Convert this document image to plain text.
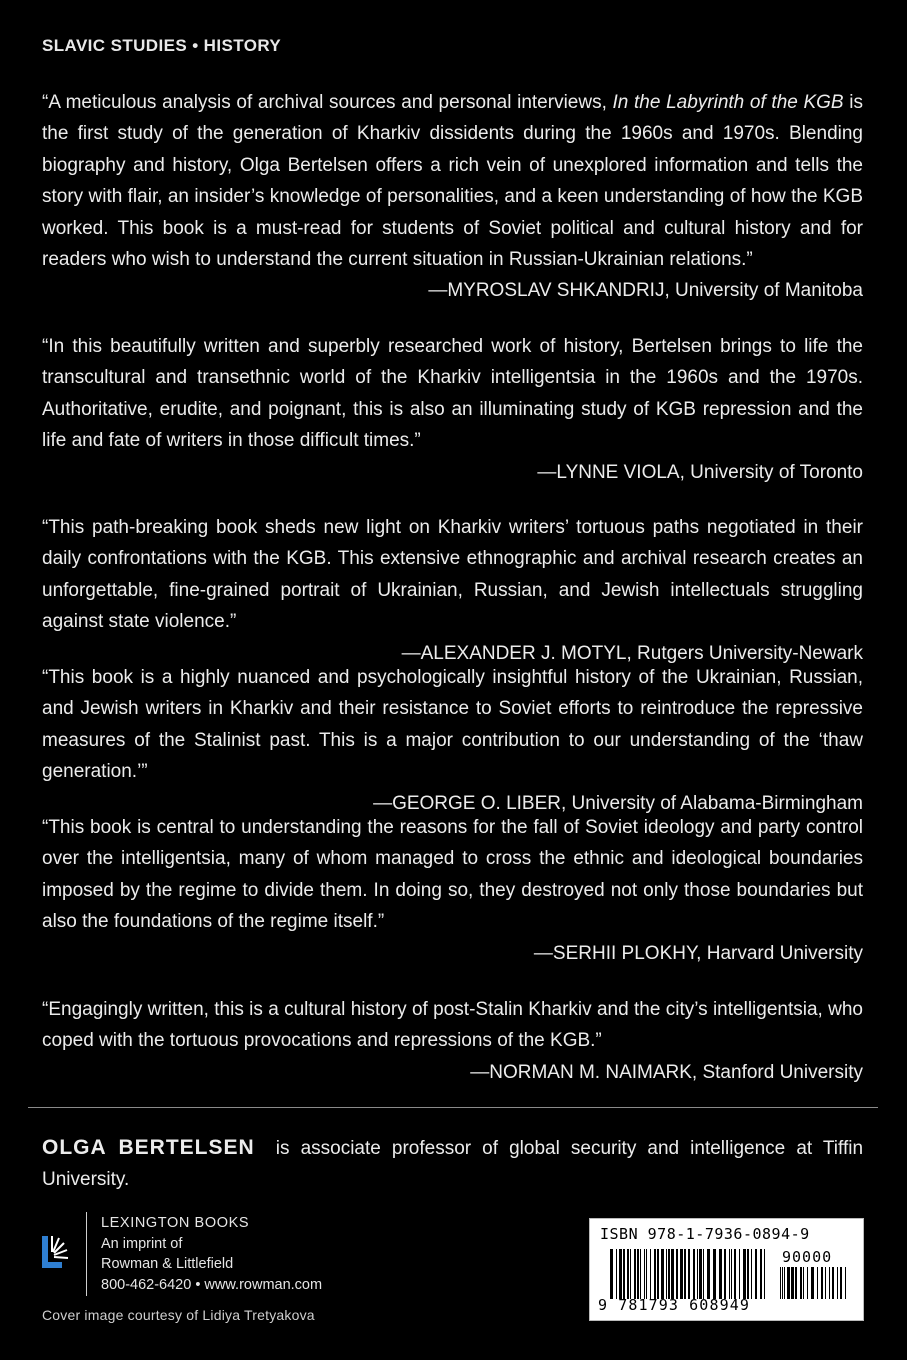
SLAVIC STUDIES • HISTORY
“A meticulous analysis of archival sources and personal interviews, In the Labyrinth of the KGB is the first study of the generation of Kharkiv dissidents during the 1960s and 1970s. Blending biography and history, Olga Bertelsen offers a rich vein of unexplored information and tells the story with flair, an insider’s knowledge of personalities, and a keen understanding of how the KGB worked. This book is a must-read for students of Soviet political and cultural history and for readers who wish to understand the current situation in Russian-Ukrainian relations.”
—MYROSLAV SHKANDRIJ, University of Manitoba
“In this beautifully written and superbly researched work of history, Bertelsen brings to life the transcultural and transethnic world of the Kharkiv intelligentsia in the 1960s and the 1970s. Authoritative, erudite, and poignant, this is also an illuminating study of KGB repression and the life and fate of writers in those difficult times.”
—LYNNE VIOLA, University of Toronto
“This path-breaking book sheds new light on Kharkiv writers’ tortuous paths negotiated in their daily confrontations with the KGB. This extensive ethnographic and archival research creates an unforgettable, fine-grained portrait of Ukrainian, Russian, and Jewish intellectuals struggling against state violence.”
—ALEXANDER J. MOTYL, Rutgers University-Newark
“This book is a highly nuanced and psychologically insightful history of the Ukrainian, Russian, and Jewish writers in Kharkiv and their resistance to Soviet efforts to reintroduce the repressive measures of the Stalinist past. This is a major contribution to our understanding of the ‘thaw generation.’”
—GEORGE O. LIBER, University of Alabama-Birmingham
“This book is central to understanding the reasons for the fall of Soviet ideology and party control over the intelligentsia, many of whom managed to cross the ethnic and ideological boundaries imposed by the regime to divide them. In doing so, they destroyed not only those boundaries but also the foundations of the regime itself.”
—SERHII PLOKHY, Harvard University
“Engagingly written, this is a cultural history of post-Stalin Kharkiv and the city’s intelligentsia, who coped with the tortuous provocations and repressions of the KGB.”
—NORMAN M. NAIMARK, Stanford University
OLGA BERTELSEN is associate professor of global security and intelligence at Tiffin University.
LEXINGTON BOOKS
An imprint of
Rowman & Littlefield
800-462-6420 • www.rowman.com
Cover image courtesy of Lidiya Tretyakova
ISBN 978-1-7936-0894-9
90000
9 781793 608949
